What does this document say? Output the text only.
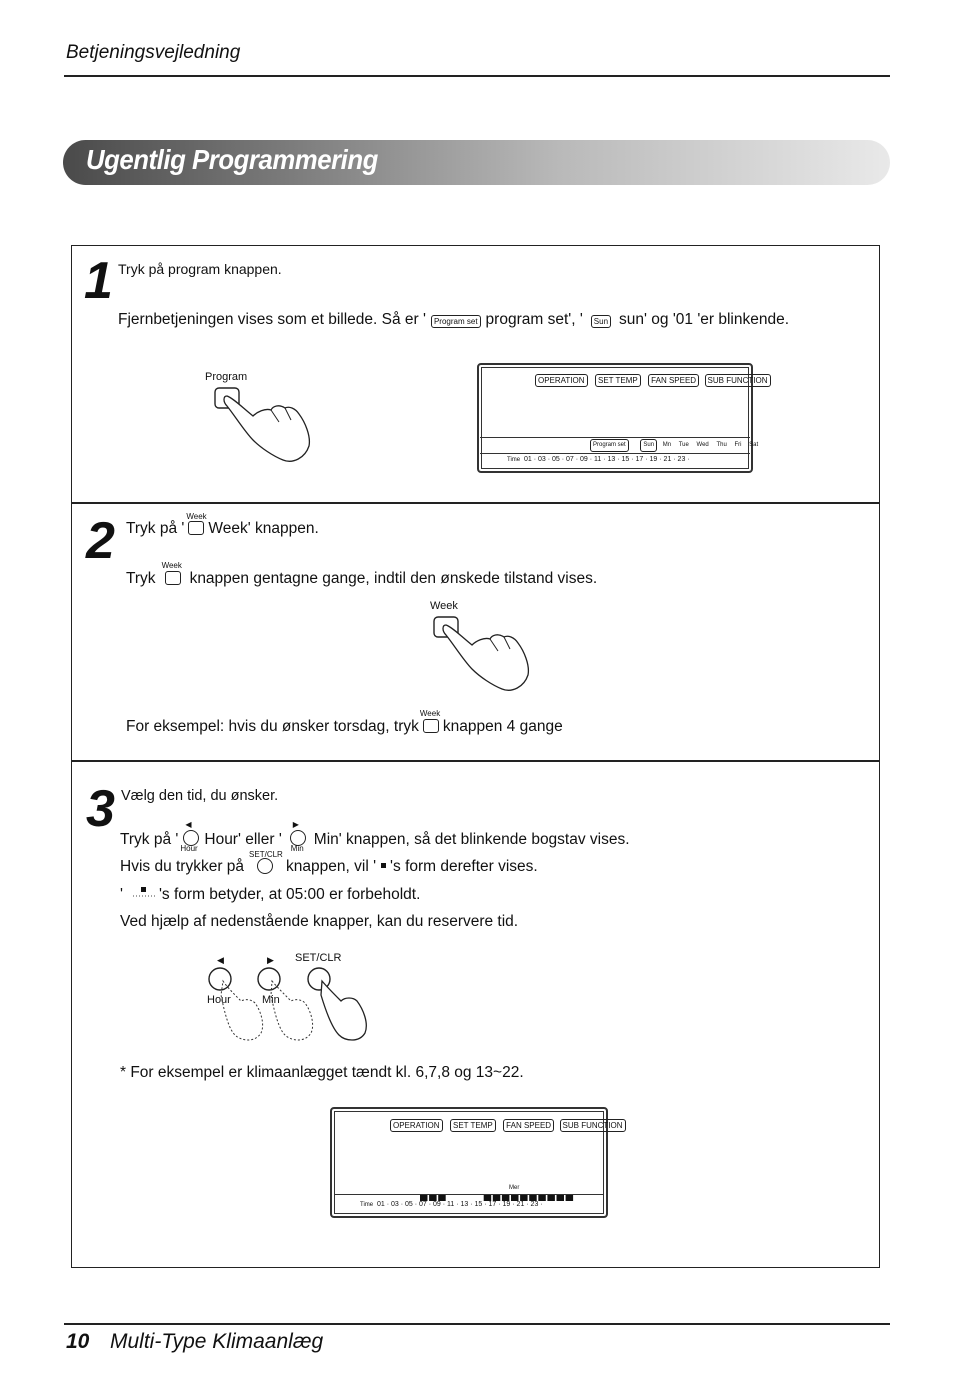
Betjeningsvejledning
Ugentlig Programmering
1 Tryk på program knappen.
Fjernbetjeningen vises som et billede. Så er ' Program set program set', ' Sun sun' og '01 'er blinkende.
Program	OPERATION SET TEMP FAN SPEED SUB FUNCTION
Program set	Sun Mn Tue Wed Thu Fri Sat
Time 01 · 03 · 05 · 07 · 09 · 11 · 13 · 15 · 17 · 19 · 21 · 23 ·
2 Tryk på '
Week
Week' knappen.
Tryk
Week
knappen gentagne gange, indtil den ønskede tilstand vises.
Week
For eksempel: hvis du ønsker torsdag, tryk
Week
knappen 4 gange
3 Vælg den tid, du ønsker.
Tryk på '
◀
Hour
Hour' eller '
▶
Min
Min' knappen, så det blinkende bogstav vises.
Hvis du trykker på
SET/CLR
knappen, vil ' 's form derefter vises.
' 's form betyder, at 05:00 er forbeholdt.
Ved hjælp af nedenstående knapper, kan du reservere tid.
◀	▶ SET/CLR
Hour	Min
* For eksempel er klimaanlægget tændt kl. 6,7,8 og 13~22.
OPERATION SET TEMP FAN SPEED SUB FUNCTION
Mer
Time 01 · 03 · 05 · 07 · 09 · 11 · 13 · 15 · 17 · 19 · 21 · 23 ·
10 Multi-Type Klimaanlæg
